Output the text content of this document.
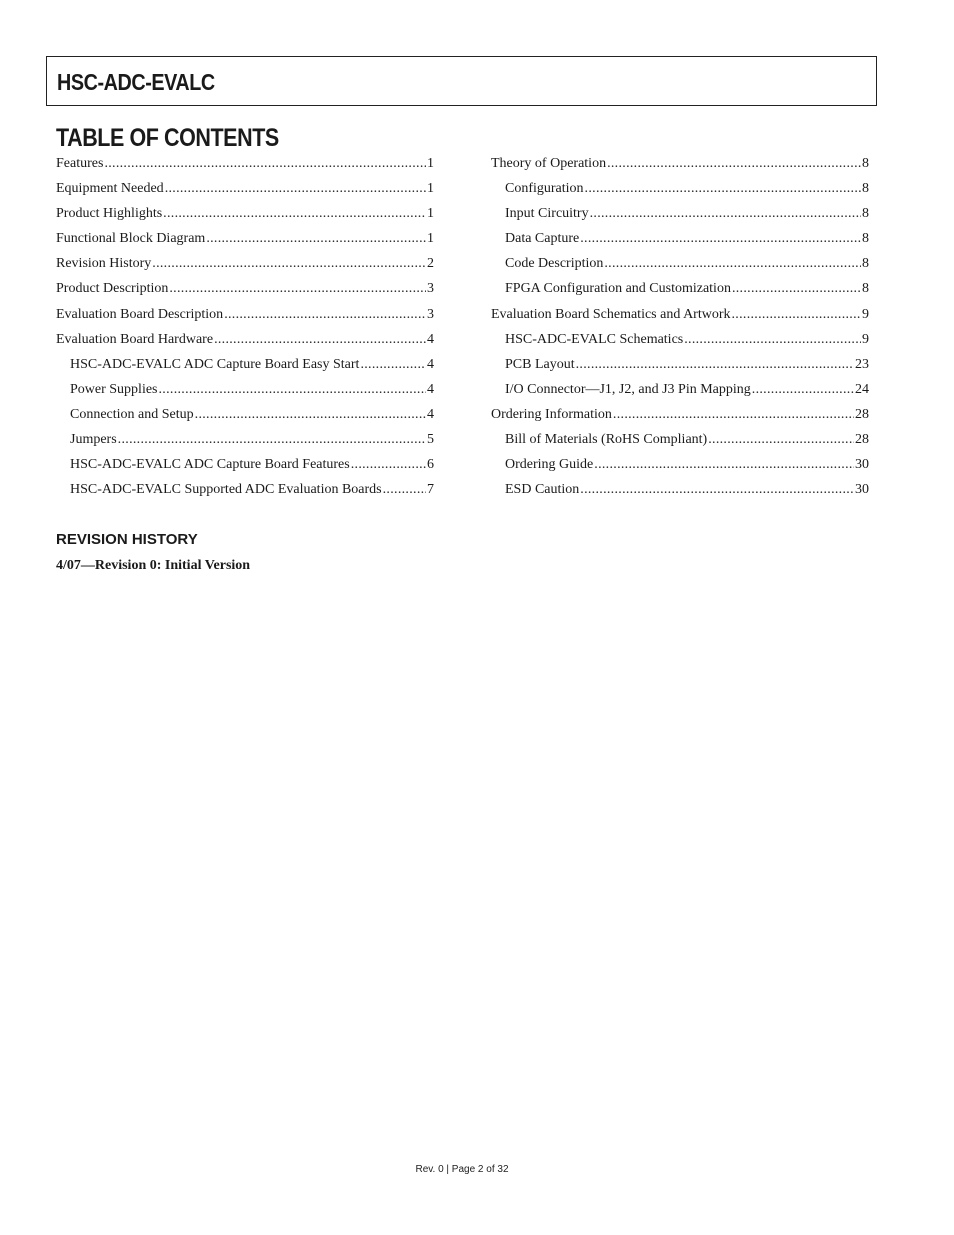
HSC-ADC-EVALC
TABLE OF CONTENTS
Features .....	1
Equipment Needed .....	1
Product Highlights .....	1
Functional Block Diagram .....	1
Revision History .....	2
Product Description .....	3
Evaluation Board Description .....	3
Evaluation Board Hardware .....	4
HSC-ADC-EVALC ADC Capture Board Easy Start .....	4
Power Supplies .....	4
Connection and Setup .....	4
Jumpers .....	5
HSC-ADC-EVALC ADC Capture Board Features .....	6
HSC-ADC-EVALC Supported ADC Evaluation Boards .....	7
Theory of Operation .....	8
Configuration .....	8
Input Circuitry .....	8
Data Capture .....	8
Code Description .....	8
FPGA Configuration and Customization .....	8
Evaluation Board Schematics and Artwork .....	9
HSC-ADC-EVALC Schematics .....	9
PCB Layout .....	23
I/O Connector—J1, J2, and J3 Pin Mapping .....	24
Ordering Information .....	28
Bill of Materials (RoHS Compliant) .....	28
Ordering Guide .....	30
ESD Caution .....	30
REVISION HISTORY
4/07—Revision 0: Initial Version
Rev. 0 | Page 2 of 32
